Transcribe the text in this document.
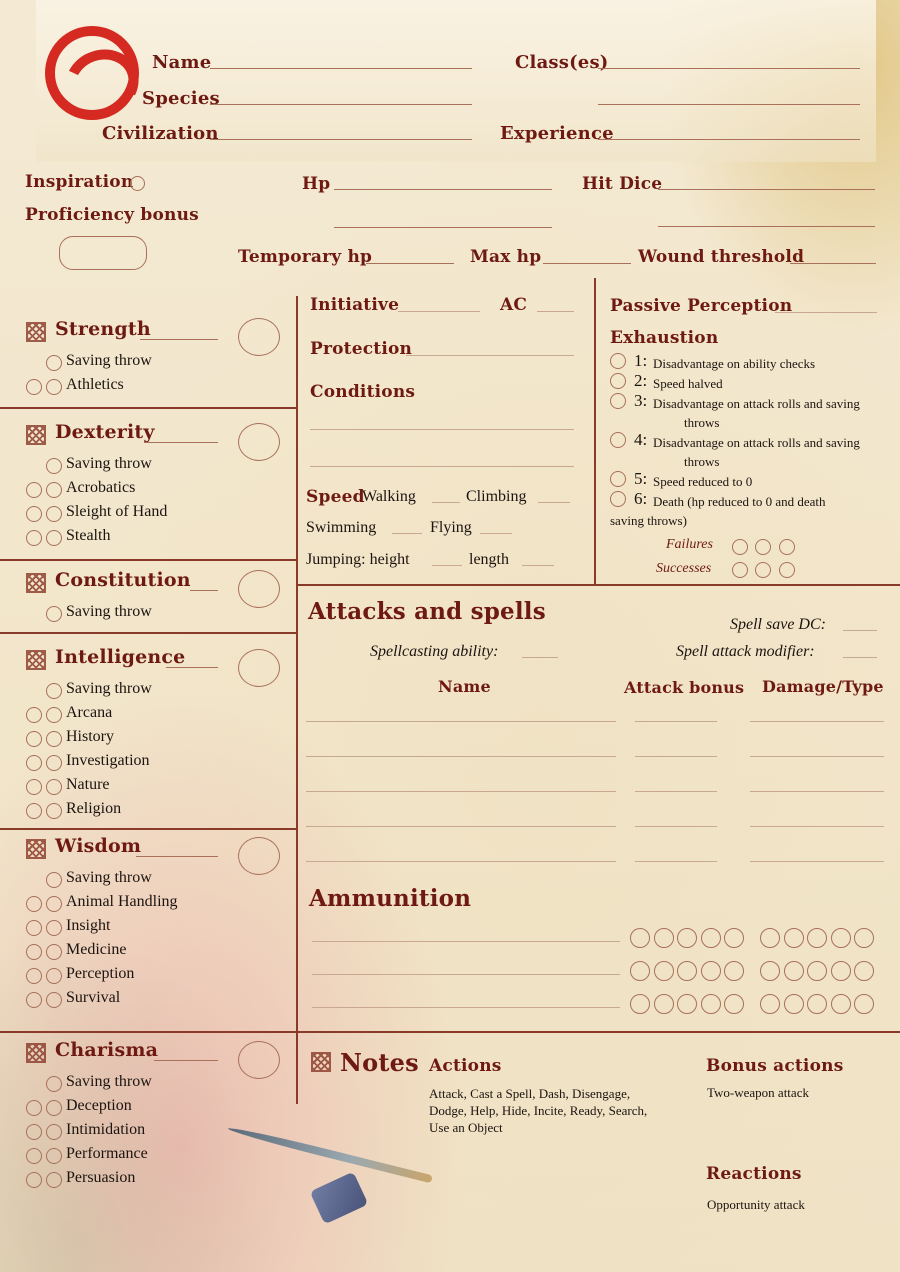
Name
Species
Civilization
Class(es)
Experience
Inspiration
Proficiency bonus
Hp	Hit Dice
Temporary hp	Max hp	Wound threshold
Strength
Saving throw
Athletics
Dexterity
Saving throw
Acrobatics
Sleight of Hand
Stealth
Constitution
Saving throw
Intelligence
Saving throw
Arcana
History
Investigation
Nature
Religion
Wisdom
Saving throw
Animal Handling
Insight
Medicine
Perception
Survival
Charisma
Saving throw
Deception
Intimidation
Performance
Persuasion
Initiative	AC
Protection
Conditions
Speed
Walking	Climbing
Swimming	Flying
Jumping: height	length
Passive Perception
Exhaustion
1: Disadvantage on ability checks
2: Speed halved
3: Disadvantage on attack rolls and saving
throws
4: Disadvantage on attack rolls and saving
throws
5: Speed reduced to 0
6: Death (hp reduced to 0 and death
saving throws)
Failures
Successes
Attacks and spells	Spell save DC:
Spellcasting ability:	Spell attack modifier:
Name	Attack bonus Damage/Type
Ammunition
Notes Actions

Attack, Cast a Spell, Dash, Disengage, Dodge, Help, Hide, Incite, Ready, Search, Use an Object

Bonus actions
Two-weapon attack
Reactions
Opportunity attack
